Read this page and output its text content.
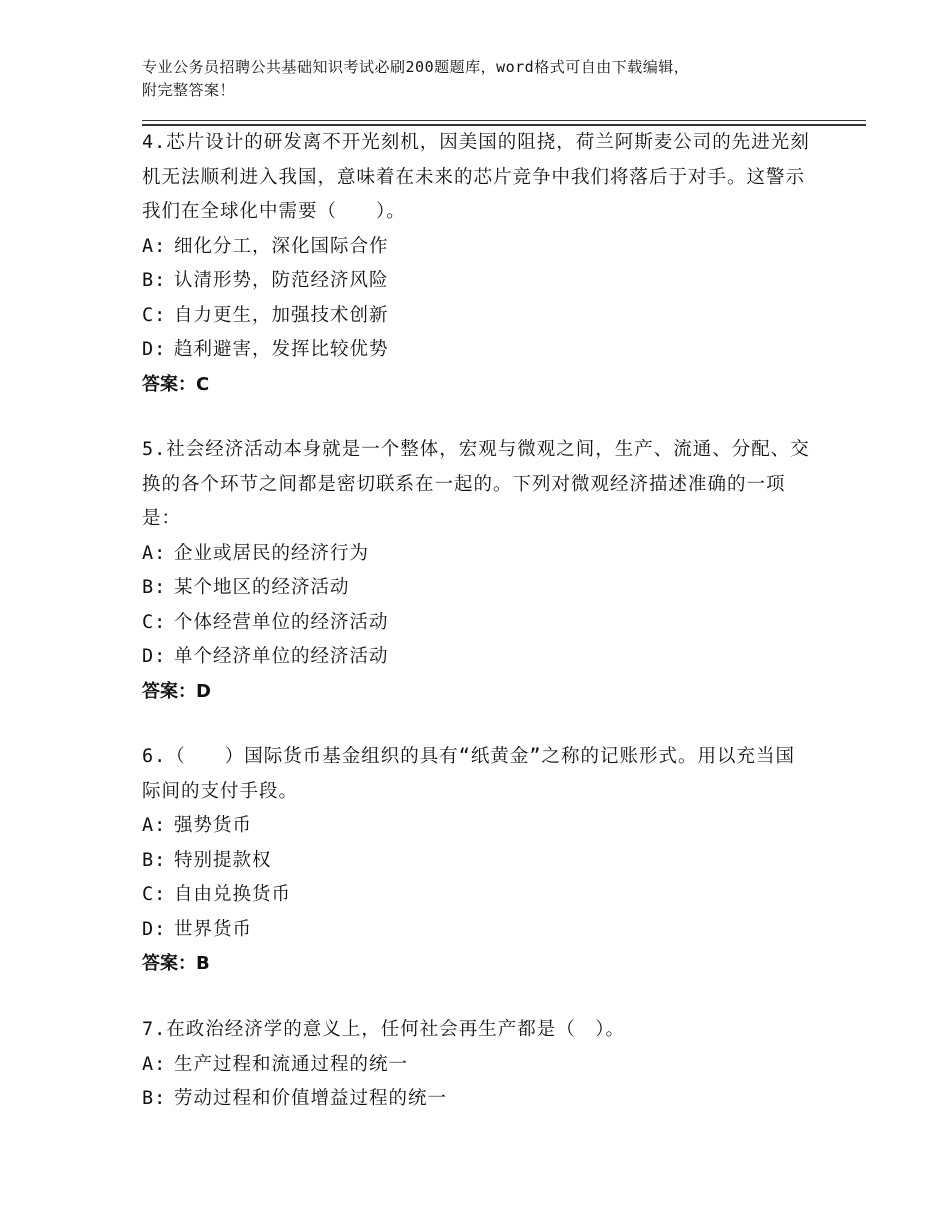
专业公务员招聘公共基础知识考试必刷200题题库，word格式可自由下载编辑，
附完整答案！

4.芯片设计的研发离不开光刻机，因美国的阻挠，荷兰阿斯麦公司的先进光刻机无法顺利进入我国，意味着在未来的芯片竞争中我们将落后于对手。这警示我们在全球化中需要（　　）。

A: 细化分工，深化国际合作
B: 认清形势，防范经济风险
C: 自力更生，加强技术创新
D: 趋利避害，发挥比较优势
答案：C

5.社会经济活动本身就是一个整体，宏观与微观之间，生产、流通、分配、交换的各个环节之间都是密切联系在一起的。下列对微观经济描述准确的一项是：

A: 企业或居民的经济行为
B: 某个地区的经济活动
C: 个体经营单位的经济活动
D: 单个经济单位的经济活动
答案：D

6.（　　）国际货币基金组织的具有“纸黄金”之称的记账形式。用以充当国际间的支付手段。

A: 强势货币
B: 特别提款权
C: 自由兑换货币
D: 世界货币
答案：B

7.在政治经济学的意义上，任何社会再生产都是（　）。

A: 生产过程和流通过程的统一
B: 劳动过程和价值增益过程的统一
